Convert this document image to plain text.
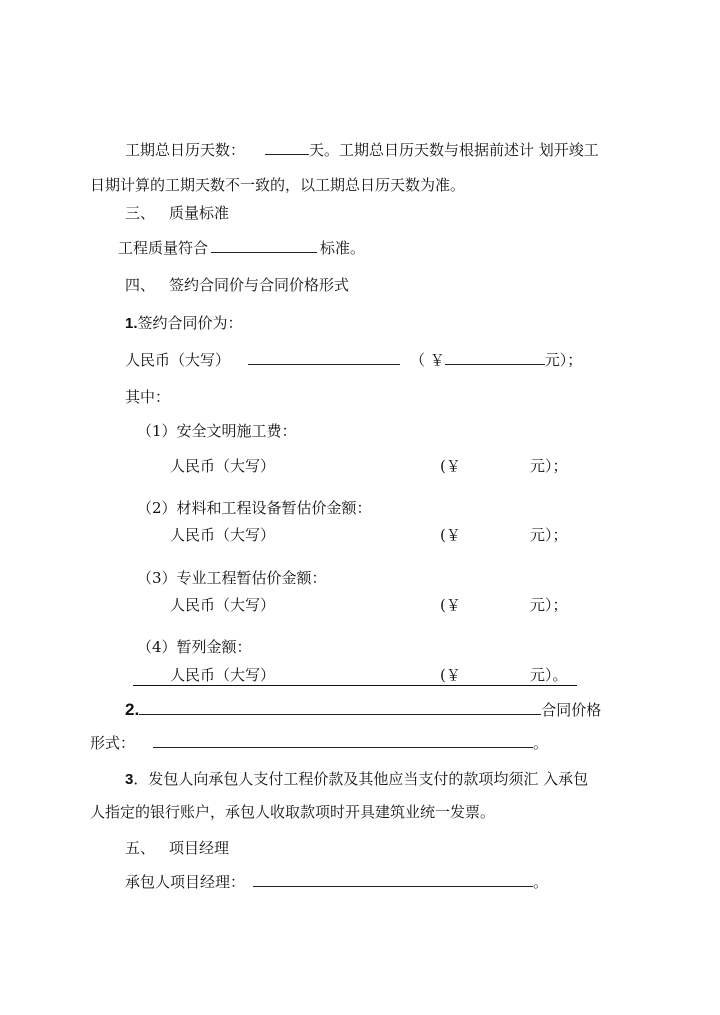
工期总日历天数：	天。工期总日历天数与根据前述计 划开竣工
日期计算的工期天数不一致的，以工期总日历天数为准。
三、 质量标准
工程质量符合	标准。
四、 签约合同价与合同价格形式
1.签约合同价为：
人民币（大写）	（ ￥	元）；
其中：
（1）安全文明施工费：
人民币（大写）	(￥	元）；
（2）材料和工程设备暂估价金额：
人民币（大写）	(￥	元）；
（3）专业工程暂估价金额：
人民币（大写）	(￥	元）；
（4）暂列金额：
人民币（大写）	(￥	元）。
2.	合同价格
形式：	。
3．发包人向承包人支付工程价款及其他应当支付的款项均须汇 入承包
人指定的银行账户，承包人收取款项时开具建筑业统一发票。
五、 项目经理
承包人项目经理：	。
